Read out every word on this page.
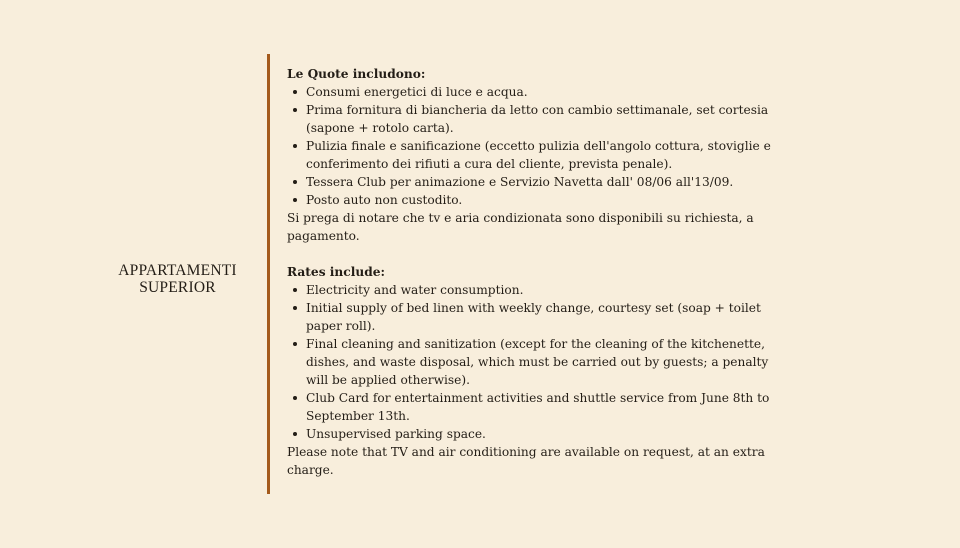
APPARTAMENTI
SUPERIOR
Le Quote includono:
Consumi energetici di luce e acqua.
Prima fornitura di biancheria da letto con cambio settimanale, set cortesia (sapone + rotolo carta).
Pulizia finale e sanificazione (eccetto pulizia dell'angolo cottura, stoviglie e conferimento dei rifiuti a cura del cliente, prevista penale).
Tessera Club per animazione e Servizio Navetta dall' 08/06 all'13/09.
Posto auto non custodito.
Si prega di notare che tv e aria condizionata sono disponibili su richiesta, a pagamento.
Rates include:
Electricity and water consumption.
Initial supply of bed linen with weekly change, courtesy set (soap + toilet paper roll).
Final cleaning and sanitization (except for the cleaning of the kitchenette, dishes, and waste disposal, which must be carried out by guests; a penalty will be applied otherwise).
Club Card for entertainment activities and shuttle service from June 8th to September 13th.
Unsupervised parking space.
Please note that TV and air conditioning are available on request, at an extra charge.
